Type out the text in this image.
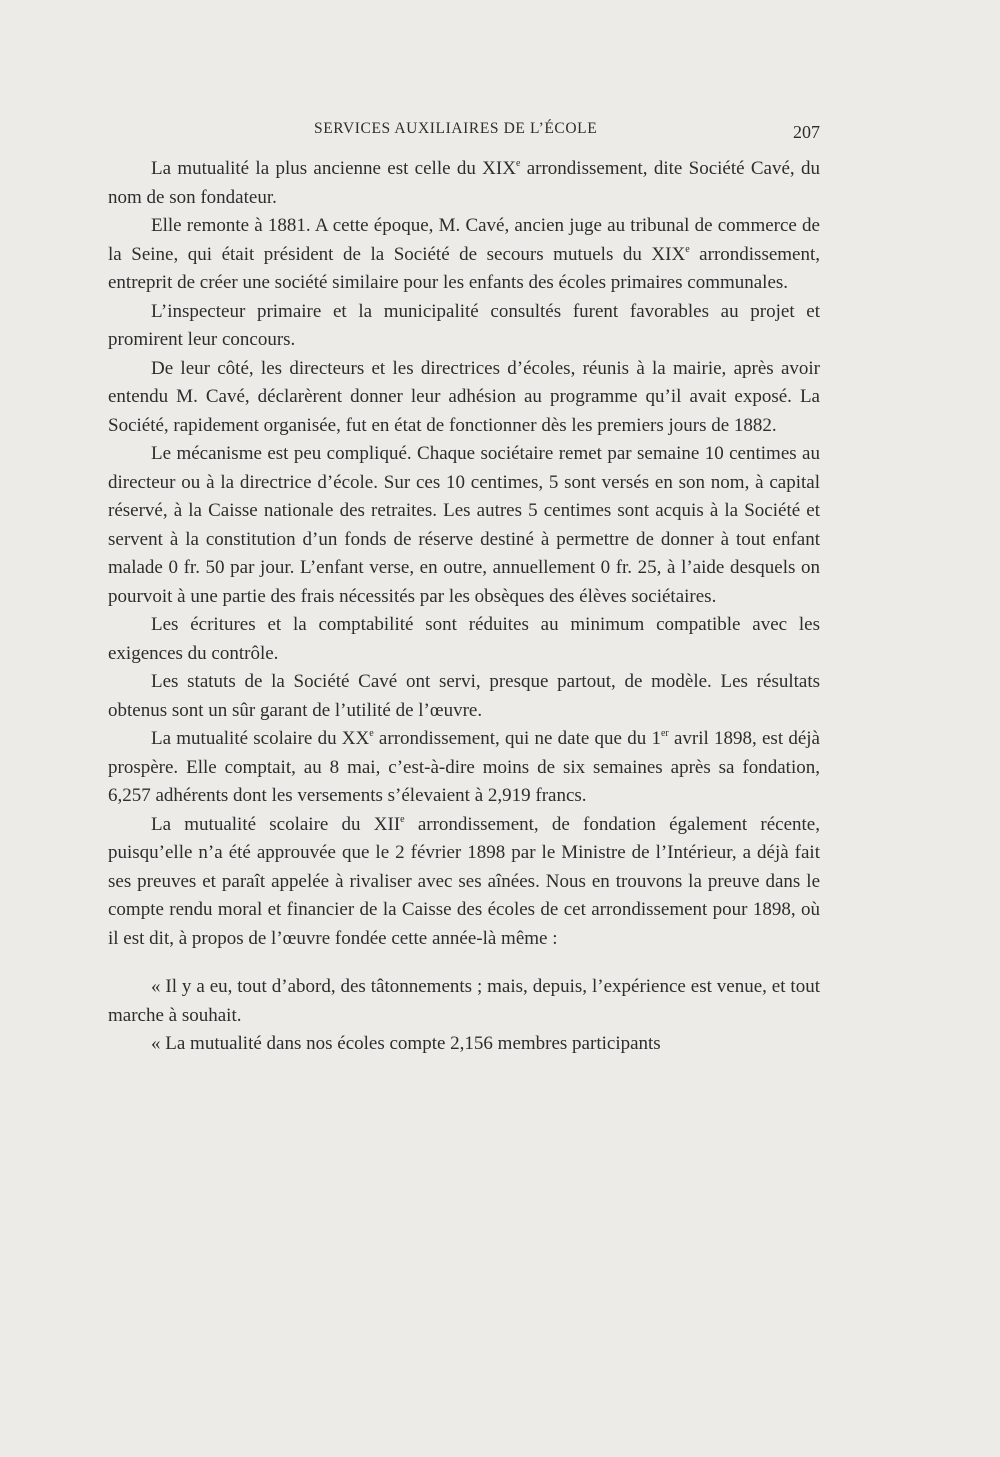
SERVICES AUXILIAIRES DE L’ÉCOLE	207

La mutualité la plus ancienne est celle du XIXe arrondissement, dite Société Cavé, du nom de son fondateur.

Elle remonte à 1881. A cette époque, M. Cavé, ancien juge au tribunal de commerce de la Seine, qui était président de la Société de secours mutuels du XIXe arrondissement, entreprit de créer une société similaire pour les enfants des écoles primaires communales.

L’inspecteur primaire et la municipalité consultés furent favorables au projet et promirent leur concours.

De leur côté, les directeurs et les directrices d’écoles, réunis à la mairie, après avoir entendu M. Cavé, déclarèrent donner leur adhésion au programme qu’il avait exposé. La Société, rapidement organisée, fut en état de fonctionner dès les premiers jours de 1882.

Le mécanisme est peu compliqué. Chaque sociétaire remet par semaine 10 centimes au directeur ou à la directrice d’école. Sur ces 10 centimes, 5 sont versés en son nom, à capital réservé, à la Caisse nationale des retraites. Les autres 5 centimes sont acquis à la Société et servent à la constitution d’un fonds de réserve destiné à permettre de donner à tout enfant malade 0 fr. 50 par jour. L’enfant verse, en outre, annuellement 0 fr. 25, à l’aide desquels on pourvoit à une partie des frais nécessités par les obsèques des élèves sociétaires.

Les écritures et la comptabilité sont réduites au minimum compatible avec les exigences du contrôle.

Les statuts de la Société Cavé ont servi, presque partout, de modèle. Les résultats obtenus sont un sûr garant de l’utilité de l’œuvre.

La mutualité scolaire du XXe arrondissement, qui ne date que du 1er avril 1898, est déjà prospère. Elle comptait, au 8 mai, c’est-à-dire moins de six semaines après sa fondation, 6,257 adhérents dont les versements s’élevaient à 2,919 francs.

La mutualité scolaire du XIIe arrondissement, de fondation également récente, puisqu’elle n’a été approuvée que le 2 février 1898 par le Ministre de l’Intérieur, a déjà fait ses preuves et paraît appelée à rivaliser avec ses aînées. Nous en trouvons la preuve dans le compte rendu moral et financier de la Caisse des écoles de cet arrondissement pour 1898, où il est dit, à propos de l’œuvre fondée cette année-là même :

« Il y a eu, tout d’abord, des tâtonnements ; mais, depuis, l’expérience est venue, et tout marche à souhait.

« La mutualité dans nos écoles compte 2,156 membres participants
